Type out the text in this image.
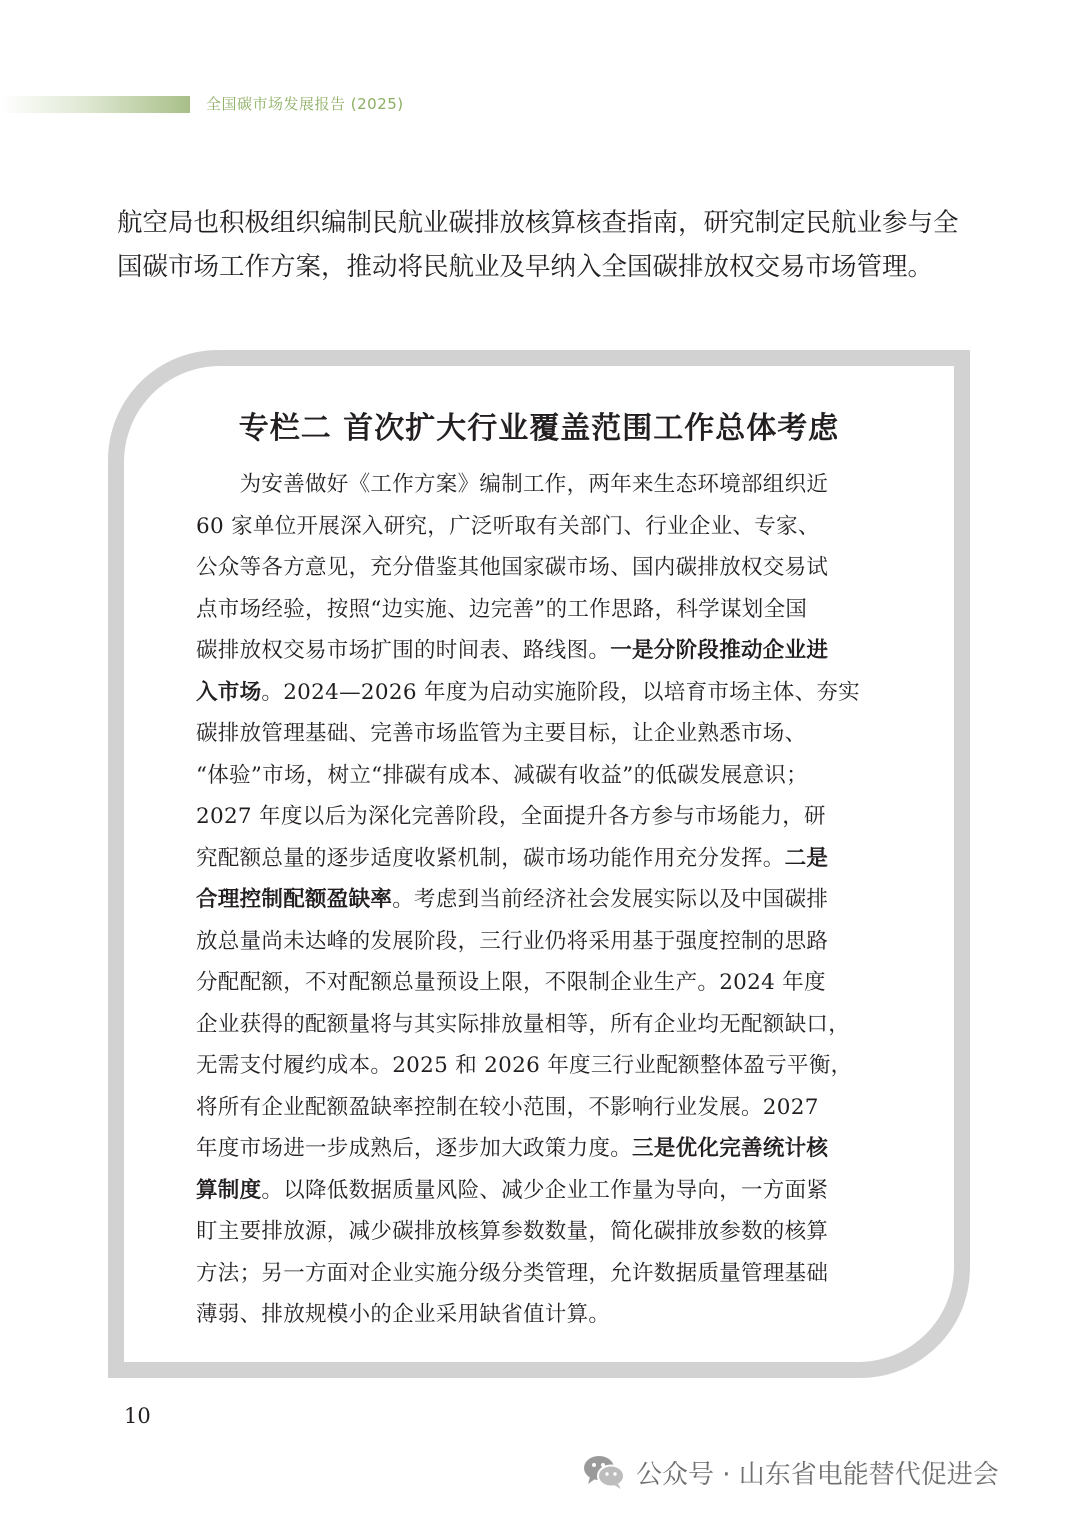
全国碳市场发展报告 (2025)

航空局也积极组织编制民航业碳排放核算核查指南，研究制定民航业参与全

国碳市场工作方案，推动将民航业及早纳入全国碳排放权交易市场管理。

专栏二 首次扩大行业覆盖范围工作总体考虑

　　为安善做好《工作方案》编制工作，两年来生态环境部组织近

60 家单位开展深入研究，广泛听取有关部门、行业企业、专家、

公众等各方意见，充分借鉴其他国家碳市场、国内碳排放权交易试

点市场经验，按照“边实施、边完善”的工作思路，科学谋划全国

碳排放权交易市场扩围的时间表、路线图。一是分阶段推动企业进

入市场。2024—2026 年度为启动实施阶段，以培育市场主体、夯实

碳排放管理基础、完善市场监管为主要目标，让企业熟悉市场、

“体验”市场，树立“排碳有成本、减碳有收益”的低碳发展意识；

2027 年度以后为深化完善阶段，全面提升各方参与市场能力，研

究配额总量的逐步适度收紧机制，碳市场功能作用充分发挥。二是

合理控制配额盈缺率。考虑到当前经济社会发展实际以及中国碳排

放总量尚未达峰的发展阶段，三行业仍将采用基于强度控制的思路

分配配额，不对配额总量预设上限，不限制企业生产。2024 年度

企业获得的配额量将与其实际排放量相等，所有企业均无配额缺口，

无需支付履约成本。2025 和 2026 年度三行业配额整体盈亏平衡，

将所有企业配额盈缺率控制在较小范围，不影响行业发展。2027

年度市场进一步成熟后，逐步加大政策力度。三是优化完善统计核

算制度。以降低数据质量风险、减少企业工作量为导向，一方面紧

盯主要排放源，减少碳排放核算参数数量，简化碳排放参数的核算

方法；另一方面对企业实施分级分类管理，允许数据质量管理基础

薄弱、排放规模小的企业采用缺省值计算。

10
公众号 · 山东省电能替代促进会
